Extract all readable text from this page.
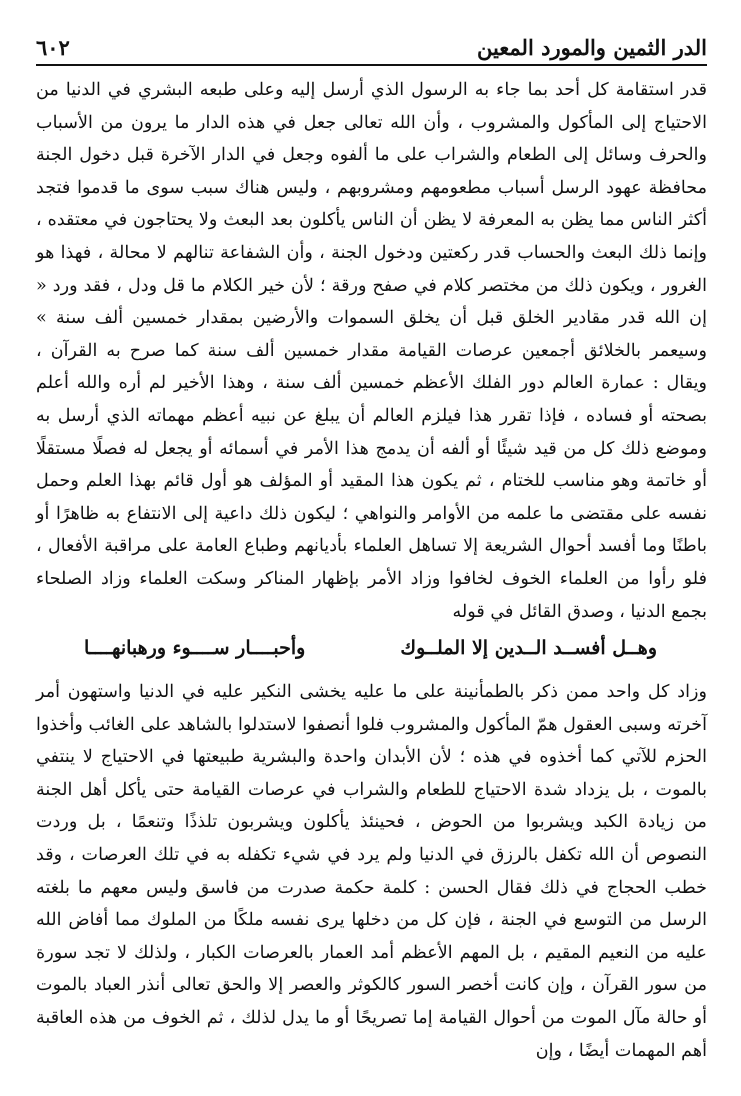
الدر الثمين والمورد المعين
٦٠٢

قدر استقامة كل أحد بما جاء به الرسول الذي أرسل إليه وعلى طبعه البشري في الدنيا من الاحتياج إلى المأكول والمشروب ، وأن الله تعالى جعل في هذه الدار ما يرون من الأسباب والحرف وسائل إلى الطعام والشراب على ما ألفوه وجعل في الدار الآخرة قبل دخول الجنة محافظة عهود الرسل أسباب مطعومهم ومشروبهم ، وليس هناك سبب سوى ما قدموا فتجد أكثر الناس مما يظن به المعرفة لا يظن أن الناس يأكلون بعد البعث ولا يحتاجون في معتقده ، وإنما ذلك البعث والحساب قدر ركعتين ودخول الجنة ، وأن الشفاعة تنالهم لا محالة ، فهذا هو الغرور ، ويكون ذلك من مختصر كلام في صفح ورقة ؛ لأن خير الكلام ما قل ودل ، فقد ورد « إن الله قدر مقادير الخلق قبل أن يخلق السموات والأرضين بمقدار خمسين ألف سنة » وسيعمر بالخلائق أجمعين عرصات القيامة مقدار خمسين ألف سنة كما صرح به القرآن ، ويقال : عمارة العالم دور الفلك الأعظم خمسين ألف سنة ، وهذا الأخير لم أره والله أعلم بصحته أو فساده ، فإذا تقرر هذا فيلزم العالم أن يبلغ عن نبيه أعظم مهماته الذي أرسل به وموضع ذلك كل من قيد شيئًا أو ألفه أن يدمج هذا الأمر في أسمائه أو يجعل له فصلًا مستقلًا أو خاتمة وهو مناسب للختام ، ثم يكون هذا المقيد أو المؤلف هو أول قائم بهذا العلم وحمل نفسه على مقتضى ما علمه من الأوامر والنواهي ؛ ليكون ذلك داعية إلى الانتفاع به ظاهرًا أو باطنًا وما أفسد أحوال الشريعة إلا تساهل العلماء بأديانهم وطباع العامة على مراقبة الأفعال ، فلو رأوا من العلماء الخوف لخافوا وزاد الأمر بإظهار المناكر وسكت العلماء وزاد الصلحاء بجمع الدنيا ، وصدق القائل في قوله

وهــل أفســد الــدين إلا الملــوك
وأحبــــار ســــوء ورهبانهــــا

وزاد كل واحد ممن ذكر بالطمأنينة على ما عليه يخشى النكير عليه في الدنيا واستهون أمر آخرته وسبى العقول همّ المأكول والمشروب فلوا أنصفوا لاستدلوا بالشاهد على الغائب وأخذوا الحزم للآتي كما أخذوه في هذه ؛ لأن الأبدان واحدة والبشرية طبيعتها في الاحتياج لا ينتفي بالموت ، بل يزداد شدة الاحتياج للطعام والشراب في عرصات القيامة حتى يأكل أهل الجنة من زيادة الكبد ويشربوا من الحوض ، فحينئذ يأكلون ويشربون تلذذًا وتنعمًا ، بل وردت النصوص أن الله تكفل بالرزق في الدنيا ولم يرد في شيء تكفله به في تلك العرصات ، وقد خطب الحجاج في ذلك فقال الحسن : كلمة حكمة صدرت من فاسق وليس معهم ما بلغته الرسل من التوسع في الجنة ، فإن كل من دخلها يرى نفسه ملكًا من الملوك مما أفاض الله عليه من النعيم المقيم ، بل المهم الأعظم أمد العمار بالعرصات الكبار ، ولذلك لا تجد سورة من سور القرآن ، وإن كانت أخصر السور كالكوثر والعصر إلا والحق تعالى أنذر العباد بالموت أو حالة مآل الموت من أحوال القيامة إما تصريحًا أو ما يدل لذلك ، ثم الخوف من هذه العاقبة أهم المهمات أيضًا ، وإن
